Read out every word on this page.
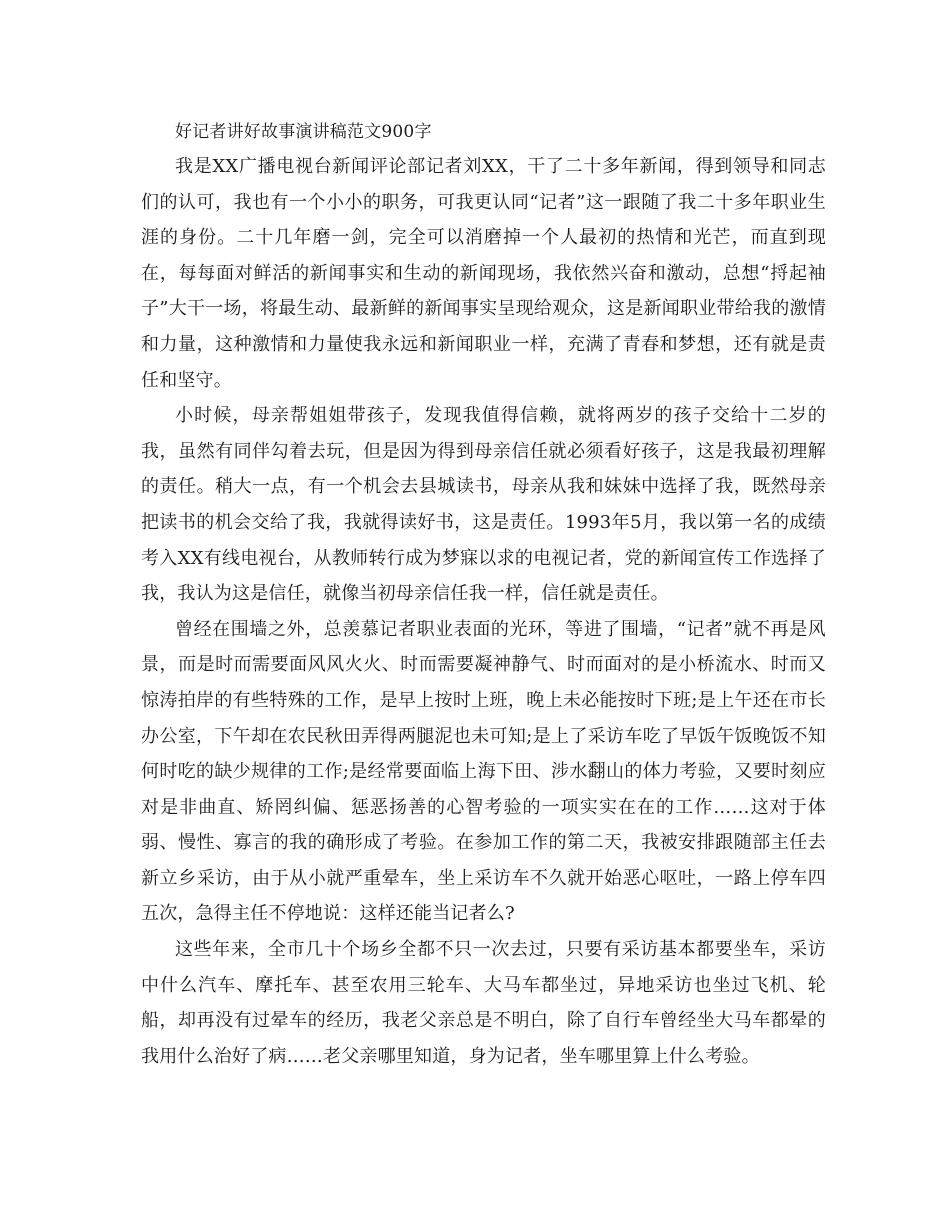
好记者讲好故事演讲稿范文900字

我是XX广播电视台新闻评论部记者刘XX，干了二十多年新闻，得到领导和同志们的认可，我也有一个小小的职务，可我更认同“记者”这一跟随了我二十多年职业生涯的身份。二十几年磨一剑，完全可以消磨掉一个人最初的热情和光芒，而直到现在，每每面对鲜活的新闻事实和生动的新闻现场，我依然兴奋和激动，总想“捋起袖子”大干一场，将最生动、最新鲜的新闻事实呈现给观众，这是新闻职业带给我的激情和力量，这种激情和力量使我永远和新闻职业一样，充满了青春和梦想，还有就是责任和坚守。

小时候，母亲帮姐姐带孩子，发现我值得信赖，就将两岁的孩子交给十二岁的我，虽然有同伴勾着去玩，但是因为得到母亲信任就必须看好孩子，这是我最初理解的责任。稍大一点，有一个机会去县城读书，母亲从我和妹妹中选择了我，既然母亲把读书的机会交给了我，我就得读好书，这是责任。1993年5月，我以第一名的成绩考入XX有线电视台，从教师转行成为梦寐以求的电视记者，党的新闻宣传工作选择了我，我认为这是信任，就像当初母亲信任我一样，信任就是责任。

曾经在围墙之外，总羡慕记者职业表面的光环，等进了围墙，“记者”就不再是风景，而是时而需要面风风火火、时而需要凝神静气、时而面对的是小桥流水、时而又惊涛拍岸的有些特殊的工作，是早上按时上班，晚上未必能按时下班;是上午还在市长办公室，下午却在农民秋田弄得两腿泥也未可知;是上了采访车吃了早饭午饭晚饭不知何时吃的缺少规律的工作;是经常要面临上海下田、涉水翻山的体力考验，又要时刻应对是非曲直、矫罔纠偏、惩恶扬善的心智考验的一项实实在在的工作……这对于体弱、慢性、寡言的我的确形成了考验。在参加工作的第二天，我被安排跟随部主任去新立乡采访，由于从小就严重晕车，坐上采访车不久就开始恶心呕吐，一路上停车四五次，急得主任不停地说：这样还能当记者么?

这些年来，全市几十个场乡全都不只一次去过，只要有采访基本都要坐车，采访中什么汽车、摩托车、甚至农用三轮车、大马车都坐过，异地采访也坐过飞机、轮船，却再没有过晕车的经历，我老父亲总是不明白，除了自行车曾经坐大马车都晕的我用什么治好了病……老父亲哪里知道，身为记者，坐车哪里算上什么考验。
